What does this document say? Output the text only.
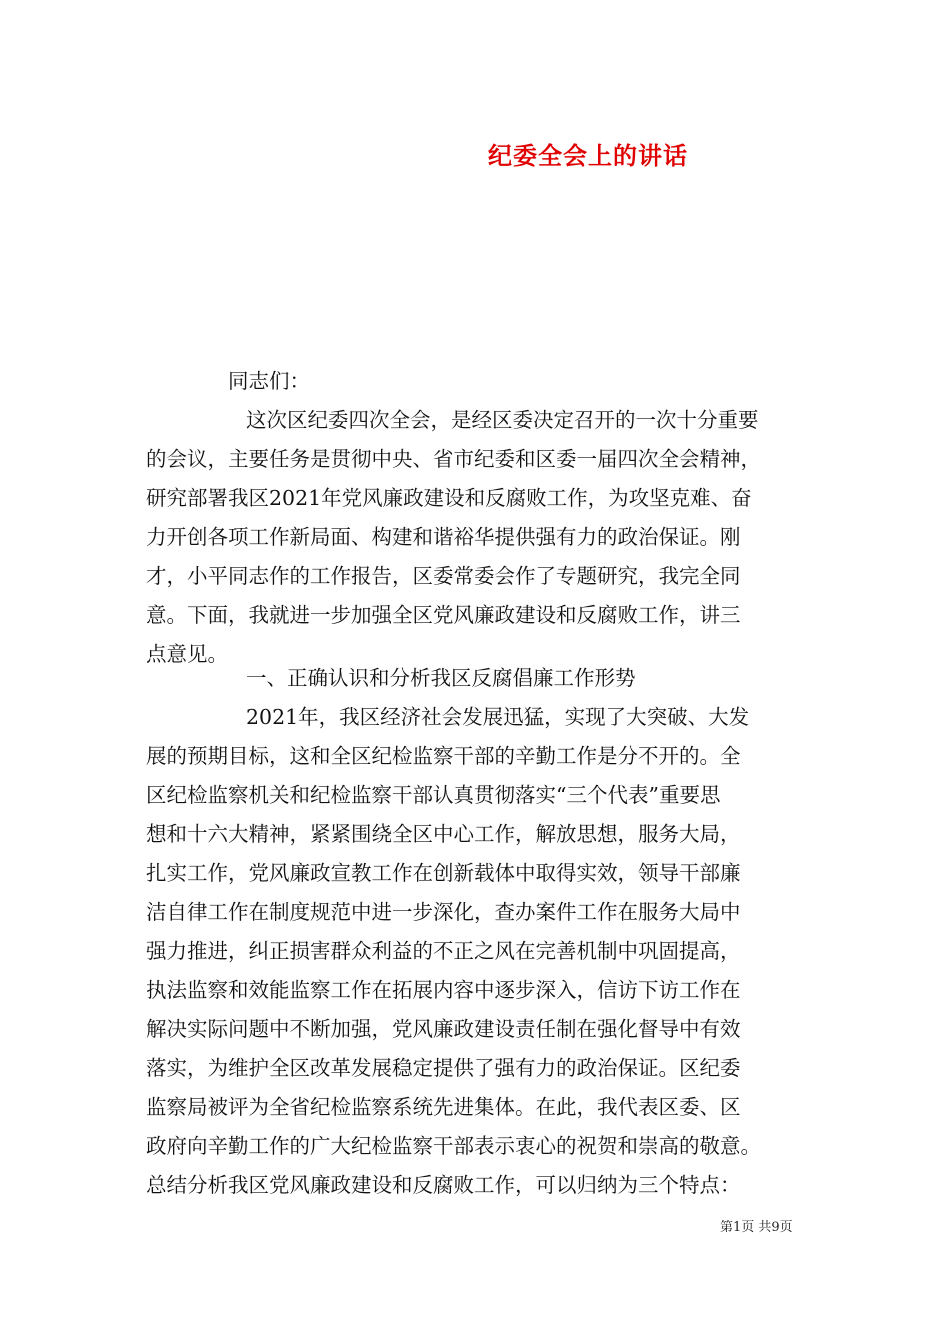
纪委全会上的讲话
同志们：
这次区纪委四次全会，是经区委决定召开的一次十分重要
的会议，主要任务是贯彻中央、省市纪委和区委一届四次全会精神，
研究部署我区2021年党风廉政建设和反腐败工作，为攻坚克难、奋
力开创各项工作新局面、构建和谐裕华提供强有力的政治保证。刚
才，小平同志作的工作报告，区委常委会作了专题研究，我完全同
意。下面，我就进一步加强全区党风廉政建设和反腐败工作，讲三
点意见。
一、正确认识和分析我区反腐倡廉工作形势
2021年，我区经济社会发展迅猛，实现了大突破、大发
展的预期目标，这和全区纪检监察干部的辛勤工作是分不开的。全
区纪检监察机关和纪检监察干部认真贯彻落实“三个代表”重要思
想和十六大精神，紧紧围绕全区中心工作，解放思想，服务大局，
扎实工作，党风廉政宣教工作在创新载体中取得实效，领导干部廉
洁自律工作在制度规范中进一步深化，查办案件工作在服务大局中
强力推进，纠正损害群众利益的不正之风在完善机制中巩固提高，
执法监察和效能监察工作在拓展内容中逐步深入，信访下访工作在
解决实际问题中不断加强，党风廉政建设责任制在强化督导中有效
落实，为维护全区改革发展稳定提供了强有力的政治保证。区纪委
监察局被评为全省纪检监察系统先进集体。在此，我代表区委、区
政府向辛勤工作的广大纪检监察干部表示衷心的祝贺和崇高的敬意。
总结分析我区党风廉政建设和反腐败工作，可以归纳为三个特点：
第1页 共9页
